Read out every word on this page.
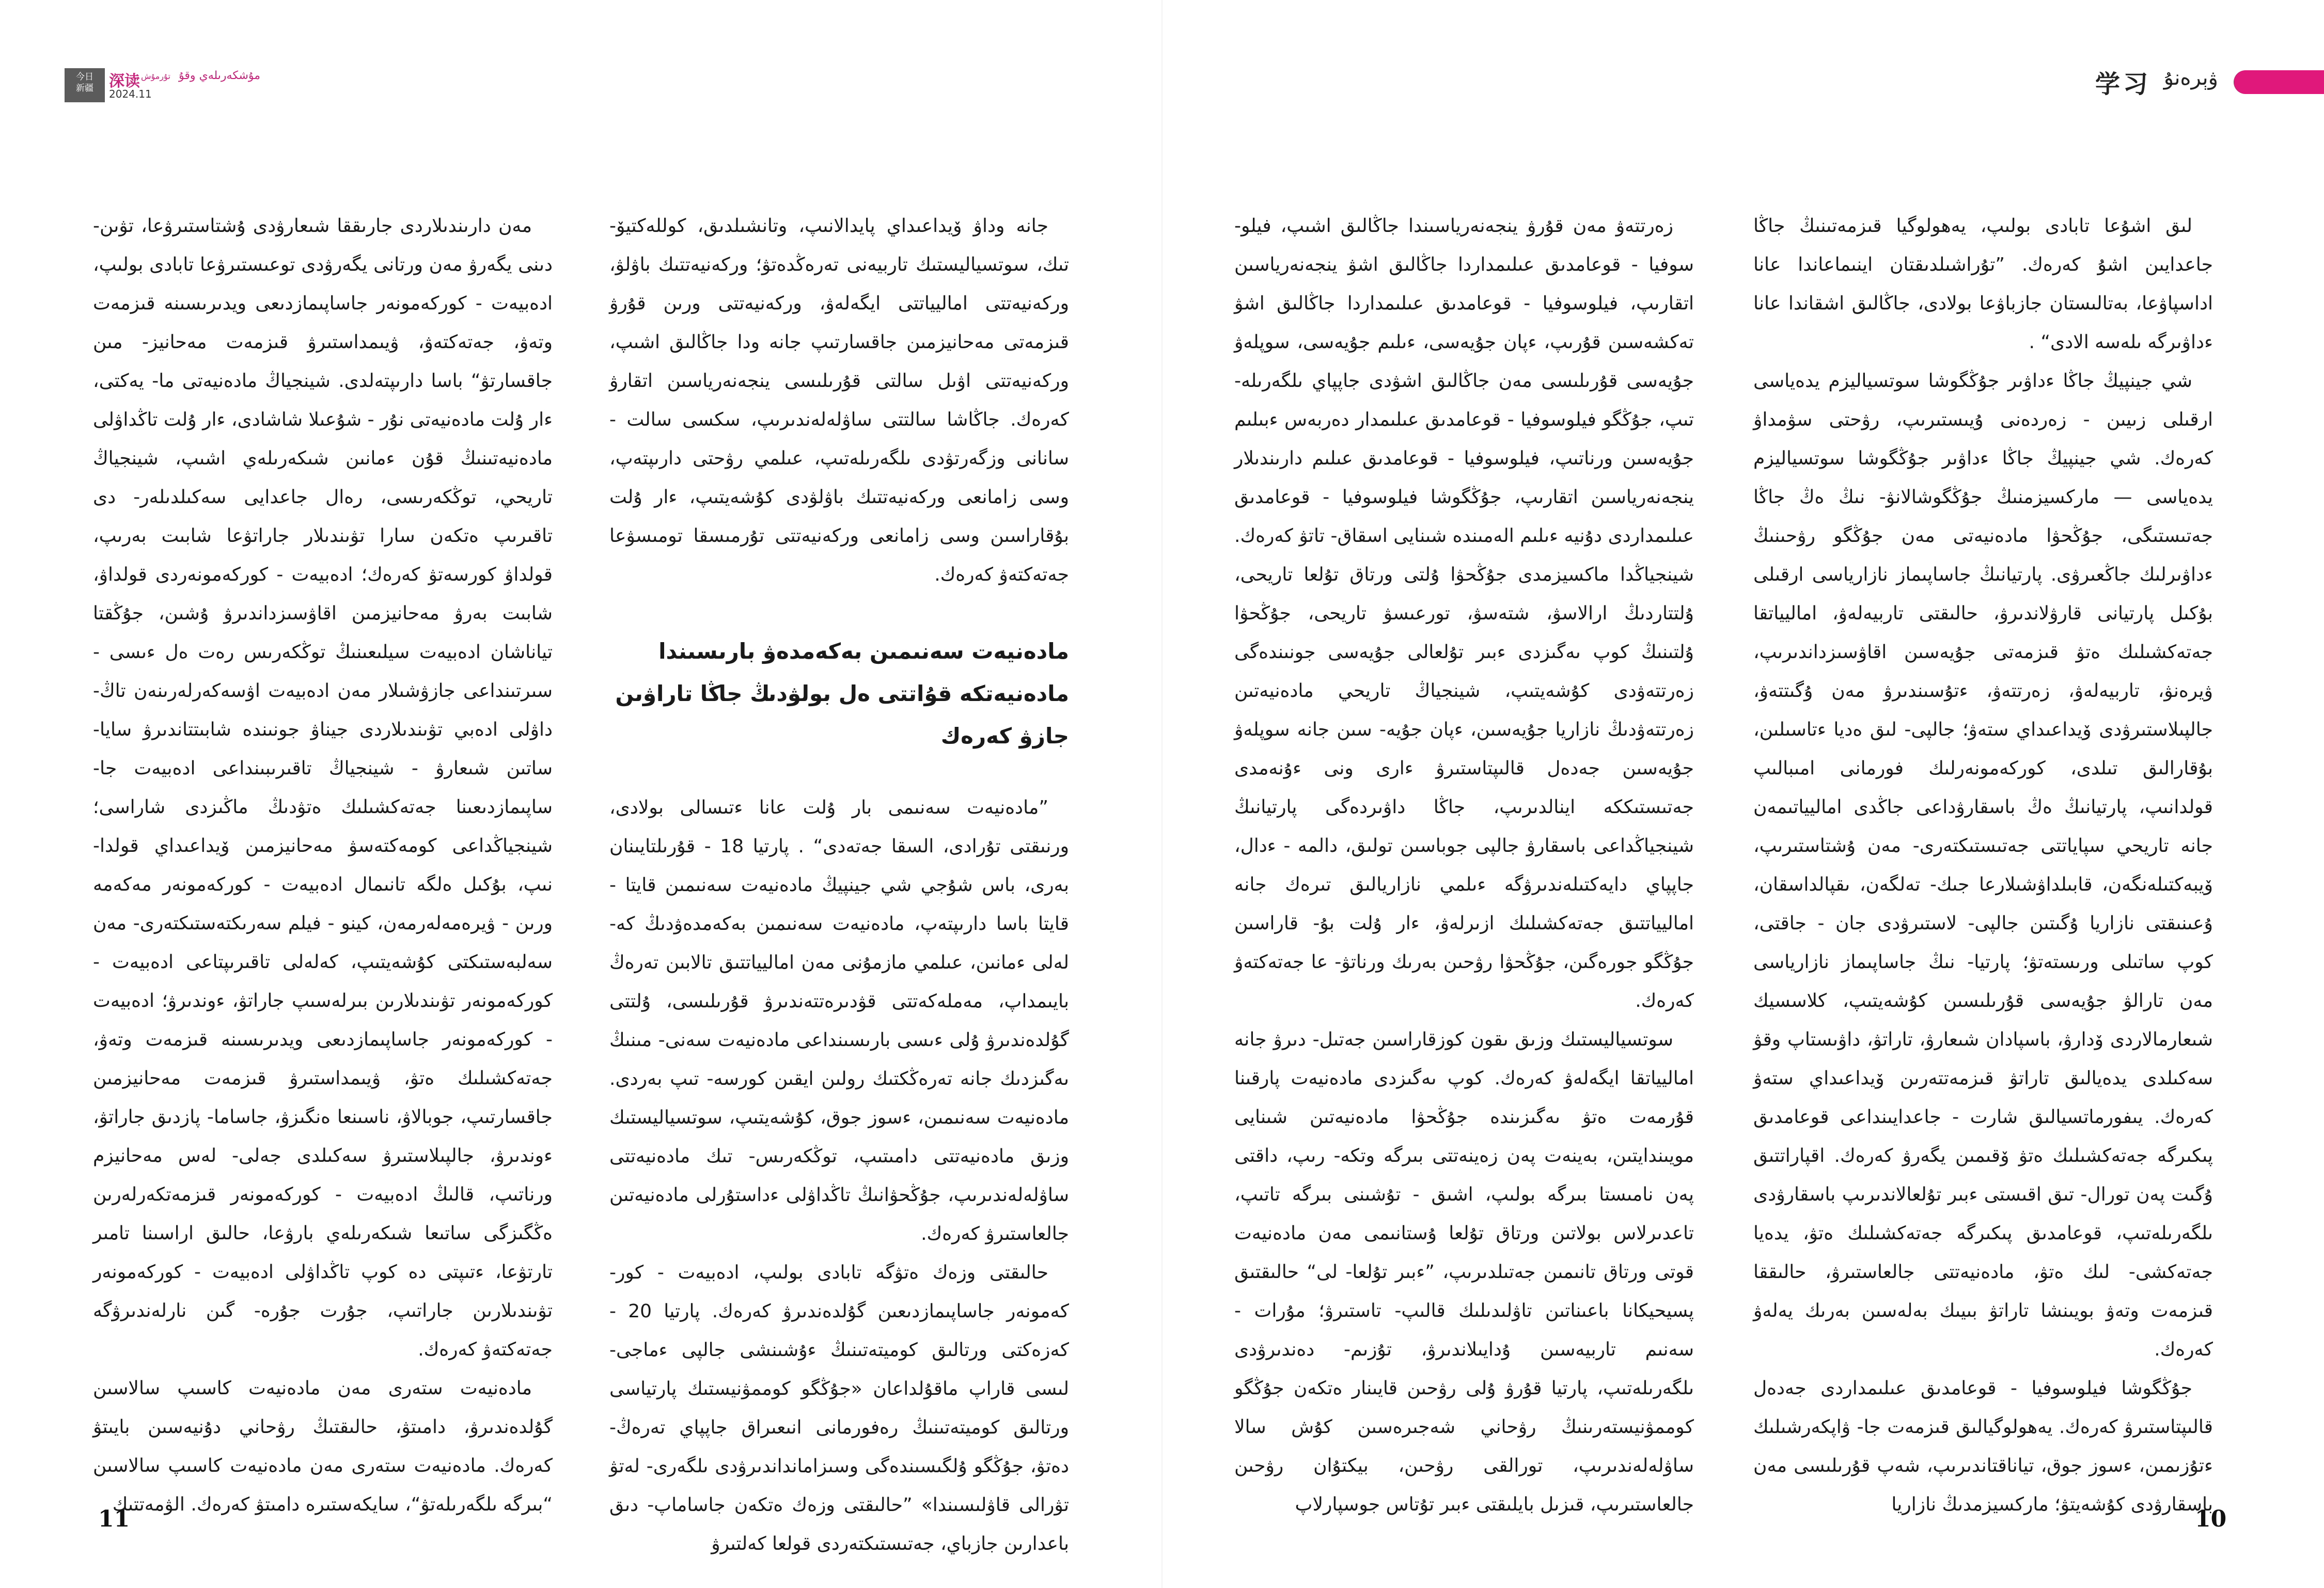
今日
新疆	深读 تۇرمۇش مۇشكەرىلەي وقۇ
2024.11	学习 ۋېرەنۇ

لىق اشۇعا تابادى بولىپ، يەھولوگيا قىزمەتىنىڭ جاڭا جاعدايىن اشۇ كەرەك. ”تۇراشىلدىقتان اينىماعاندا عانا اداسپاۋعا، بەتالىستان جازباۋعا بولادى، جاڭالىق اشقاندا عانا ءداۋىرگە ىلەسە الادى“ .

شي جينپيڭ جاڭا ءداۋىر جۇڭگوشا سوتسياليزم يدەياسى ارقىلى زىيىن - زەردەنى ۇيىستىرىپ، رۋحتى سۋمداۋ كەرەك. شي جينپيڭ جاڭا ءداۋىر جۇڭگوشا سوتسياليزم يدەياسى — ماركسيزمنىڭ جۇڭگوشالانۋ- نىڭ ەڭ جاڭا جەتىستىگى، جۇڭحۋا مادەنيەتى مەن جۇڭگو رۋحىنىڭ ءداۋىرلىك جاڭعىرۋى. پارتيانىڭ جاساپىماز نازارياسى ارقىلى بۇكىل پارتيانى قارۋلاندىرۋ، حالىقتى تاربيەلەۋ، اماليياتقا جەتەكشىلىك ەتۋ قىزمەتى جۇيەسىن اقاۋسىزداندىرىپ، ۋيرەنۋ، تاربيەلەۋ، زەرتتەۋ، ءتۇسىندىرۋ مەن ۇگىتتەۋ، جالپىلاستىرۋدى ۆيداعىداي ستەۋ؛ جالپى- لىق ەديا ءتاسىلىن، بۇقارالىق تىلدى، كوركەمونەرلىك فورمانى امىبالىپ قولدانىپ، پارتيانىڭ ەڭ باسقارۋداعى جاڭدى اماليياتىمەن جانە تاريحي سپاياتتى جەتىستىكتەرى- مەن ۇشتاستىرىپ، ۆيبەكتىلەنگەن، قابىلداۋشىلارعا جىك- تەلگەن، ىقپالداسقان، ۇعىنىقتى نازاريا ۇگىتىن جالپى- لاستىرۋدى جان - جاقتى، كوپ ساتىلى ورىستەتۋ؛ پارتيا- نىڭ جاساپىماز نازارياسى مەن تارالۋ جۇيەسى قۇرىلىسىن كۇشەيتىپ، كلاسسيك شىعارمالاردى ۆدارۋ، باسپادان شىعارۋ، تاراتۋ، داۋىستاپ وقۋ سەكىلدى يدەيالىق تاراتۋ قىزمەتتەرىن ۆيداعىداي ستەۋ كەرەك. يىفورماتسيالىق شارت - جاعدايىنداعى قوعامدىق پىكىرگە جەتەكشىلىك ەتۋ ۆقىمىن يگەرۋ كەرەك. اقپاراتتىق ۇگىت پەن تورال- تىق اقىستى ءبىر تۇلعالاندىرىپ باسقارۋدى ىلگەرىلەتىپ، قوعامدىق پىكىرگە جەتەكشىلىك ەتۋ، يدەيا جەتەكشى- لىك ەتۋ، مادەنيەتتى جالعاستىرۋ، حالىققا قىزمەت وتەۋ بويىنشا تاراتۋ بىيىك بەلەسىن بەرىك يەلەۋ كەرەك.

جۇڭگوشا فيلوسوفيا - قوعامدىق عىلىمداردى جەدەل قالىپتاستىرۋ كەرەك. يەھولوگيالىق قىزمەت جا- ۋاپكەرشىلىك ءتۇزىمىن، ءسوز جوق، تياناقتاندىرىپ، شەپ قۇرىلىسى مەن باسقارۋدى كۇشەيتۋ؛ ماركسيزمدىڭ نازاريا

زەرتتەۋ مەن قۇرۋ ينجەنەرياسىندا جاڭالىق اشىپ، فيلو- سوفيا - قوعامدىق عىلىمداردا جاڭالىق اشۋ ينجەنەرياسىن اتقارىپ، فيلوسوفيا - قوعامدىق عىلىمداردا جاڭالىق اشۋ تەكشەسىن قۇرىپ، ءپان جۇيەسى، ءىلىم جۇيەسى، سوپلەۋ جۇيەسى قۇرىلىسى مەن جاڭالىق اشۋدى جاپپاي ىلگەرىلە- تىپ، جۇڭگو فيلوسوفيا - قوعامدىق عىلىمدار دەربەس ءبىلىم جۇيەسىن ورناتىپ، فيلوسوفيا - قوعامدىق عىلىم دارىندىلار ينجەنەرياسىن اتقارىپ، جۇڭگوشا فيلوسوفيا - قوعامدىق عىلىمداردى دۇنيە ءىلىم الەمىندە شىنايى اسقاق- تاتۋ كەرەك. شينجياڭدا ماكسيزمدى جۇڭحۋا ۇلتى ورتاق تۇلعا تاريحى، ۇلتتاردىڭ ارالاسۋ، شتەسۋ، تورعىسۋ تاريحى، جۇڭحۋا ۇلتىنىڭ كوپ ىەگىزدى ءبىر تۇلعالى جۇيەسى جونىندەگى زەرتتەۋدى كۇشەيتىپ، شينجياڭ تاريحي مادەنيەتىن زەرتتەۋدىڭ نازاريا جۇيەسىن، ءپان جۇيە- سىن جانە سوپلەۋ جۇيەسىن جەدەل قالىپتاستىرۋ ءارى ونى ءۇنەمدى جەتىستىككە اينالدىرىپ، جاڭا داۋىردەگى پارتيانىڭ شينجياڭداعى باسقارۋ جالپى جوباسىن تولىق، دالمە - ءدال، جاپپاي دايەكتىلەندىرۋگە ءىلمي نازاريالىق تىرەك جانە اماليياتتىق جەتەكشىلىك ازىرلەۋ، ءار ۇلت بۇ- قاراسىن جۇڭگو جورەگىن، جۇڭحۋا رۋحىن بەرىك ورناتۋ- عا جەتەكتەۋ كەرەك.

سوتسياليستىك وزىق ىقون كوزقاراسىن جەتىل- دىرۋ جانە اماليياتقا ايگەلەۋ كەرەك. كوپ ىەگىزدى مادەنيەت پارقىنا قۇرمەت ەتۋ ىەگىزىندە جۇڭحۋا مادەنيەتىن شىنايى مويىندايتىن، بەينەت پەن زەينەتتى بىرگە وتكە- رىپ، داقتى پەن نامىستا بىرگە بولىپ، اشىق - تۇشىنى بىرگە تاتىپ، تاعدىرلاس بولاتىن ورتاق تۇلعا ۇستانىمى مەن مادەنيەت قوتى ورتاق تانىمىن جەتىلدىرىپ، ”ءبىر تۇلعا- لى“ حالىقتىق پسيحيكانا باعىناتىن تاۋلىدىلىك قالىپ- تاستىرۋ؛ مۇرات - سەنىم تاربيەسىن ۇدايىلاندىرۋ، تۇزىم- دەندىرۋدى ىلگەرىلەتىپ، پارتيا قۇرۋ ۇلى رۋحىن قايىنار ەتكەن جۇڭگو كوممۋنيستەرىنىڭ رۋحاني شەجىرەسىن كۇش سالا ساۋلەلەندىرىپ، تورالقى رۋحىن، بيكتۇان رۋحىن جالعاستىرىپ، قىزىل بايلىقتى ءبىر تۇتاس جوسپارلاپ

جانە وداۋ ۆيداعىداي پايدالانىپ، وتانشىلدىق، كوللەكتيۆ- تىك، سوتسياليستىك تاربيەنى تەرەڭدەتۋ؛ وركەنيەتتىك باۋلۋ، وركەنيەتتى اماليياتتى ايگەلەۋ، وركەنيەتتى ورىن قۇرۋ قىزمەتى مەحانيزمىن جاقسارتىپ جانە ودا جاڭالىق اشىپ، وركەنيەتتى اۋىل سالتى قۇرىلىسى ينجەنەرياسىن اتقارۋ كەرەك. جاڭاشا سالتتى ساۋلەلەندىرىپ، سكسى سالت - سانانى وزگەرتۋدى ىلگەرىلەتىپ، عىلمي رۋحتى دارىپتەپ، وسى زامانعى وركەنيەتتىك باۋلۋدى كۇشەيتىپ، ءار ۇلت بۇقاراسىن وسى زامانعى وركەنيەتتى تۇرمىسقا تومىسۋعا جەتەكتەۋ كەرەك.

مادەنيەت سەنىمىن بەكەمدەۋ بارىسىندا مادەنيەتكە قۇاتتى ەل بولۋدىڭ جاڭا تاراۋىن جازۋ كەرەك

”مادەنيەت سەنىمى بار ۇلت عانا ءتىسالى بولادى، ورنىقتى تۇرادى، السقا جەتەدى“ . پارتيا 18 - قۇرىلتايىنان بەرى، باس شۇجي شي جينپيڭ مادەنيەت سەنىمىن قايتا - قايتا باسا دارىپتەپ، مادەنيەت سەنىمىن بەكەمدەۋدىڭ كە- لەلى ءمانىن، عىلمي مازمۇنى مەن اماليياتتىق تالابىن تەرەڭ بايىمداپ، مەملەكەتتى قۋدىرەتتەندىرۋ قۇرىلىسى، ۇلتتى گۇلدەندىرۋ ۇلى ءىسى بارىسىنداعى مادەنيەت سەنى- مىنىڭ ىەگىزدىك جانە تەرەڭكتىك رولىن ايقىن كورسە- تىپ بەردى. مادەنيەت سەنىمىن، ءسوز جوق، كۇشەيتىپ، سوتسياليستىك وزىق مادەنيەتتى دامىتىپ، توڭكەرىس- تىك مادەنيەتتى ساۋلەلەندىرىپ، جۇڭحۋانىڭ تاڭداۋلى ءداستۇرلى مادەنيەتىن جالعاستىرۋ كەرەك.

حالىقتى وزەك ەتۋگە تابادى بولىپ، ادەبيەت - كور- كەمونەر جاساپىمازدىعىن گۇلدەندىرۋ كەرەك. پارتيا 20 - كەزەكتى ورتالىق كوميتەتىنىڭ ءۇشىنشى جالپى ءماجى- لىسى قاراپ ماقۇلداعان «جۇڭگو كوممۋنيستىك پارتياسى ورتالىق كوميتەتىنىڭ رەفورمانى انىعىراق جاپپاي تەرەڭ- دەتۋ، جۇڭگو ۇلگىسىندەگى وسىزامانداندىرۋدى ىلگەرى- لەتۋ تۋرالى قاۋلىسىندا» ”حالىقتى وزەك ەتكەن جاساماپ- دىق باعدارىن جازباي، جەتىستىكتەردى قولعا كەلتىرۋ

مەن دارىندىلاردى جارىققا شىعارۋدى ۇشتاستىرۋعا، تۋىن- دىنى يگەرۋ مەن ورتانى يگەرۋدى توعىستىرۋعا تابادى بولىپ، ادەبيەت - كوركەمونەر جاساپىمازدىعى ويدىرىسىنە قىزمەت وتەۋ، جەتەكتەۋ، ۋيىمداستىرۋ قىزمەت مەحانيز- مىن جاقسارتۋ“ باسا دارىپتەلدى. شينجياڭ مادەنيەتى ما- يەكتى، ءار ۇلت مادەنيەتى نۇر - شۇعىلا شاشادى، ءار ۇلت تاڭداۋلى مادەنيەتىنىڭ قۇن ءمانىن شىكەرىلەي اشىپ، شينجياڭ تاريحي، توڭكەرىسى، رەال جاعدايى سەكىلدىلەر- دى تاقىرىپ ەتكەن سارا تۋىندىلار جاراتۋعا شابىت بەرىپ، قولداۋ كورسەتۋ كەرەك؛ ادەبيەت - كوركەمونەردى قولداۋ، شابىت بەرۋ مەحانيزمىن اقاۋسىزداندىرۋ ۇشىن، جۇڭقتا تياناشان ادەبيەت سيلىعىنىڭ توڭكەرىس رەت ەل ءىسى - سىرتىنداعى جازۋشىلار مەن ادەبيەت اۋسەكەرلەرىنەن تاڭ- داۋلى ادەبي تۋىندىلاردى جيناۋ جونىندە شابىتتاندىرۋ سايا- ساتىن شىعارۋ - شينجياڭ تاقىرىبىنداعى ادەبيەت جا- ساپىمازدىعىنا جەتەكشىلىك ەتۋدىڭ ماڭىزدى شاراسى؛ شينجياڭداعى كومەكتەسۋ مەحانيزمىن ۆيداعىداي قولدا- نىپ، بۇكىل ەلگە تانىمال ادەبيەت - كوركەمونەر مەكەمە ورىن - ۋيرەمەلەرمەن، كينو - فيلم سەرىكتەستىكتەرى- مەن سەلبەستىكتى كۇشەيتىپ، كەلەلى تاقىرىپتاعى ادەبيەت - كوركەمونەر تۋىندىلارىن بىرلەسىپ جاراتۋ، ءوندىرۋ؛ ادەبيەت - كوركەمونەر جاساپىمازدىعى ويدىرىسىنە قىزمەت وتەۋ، جەتەكشىلىك ەتۋ، ۋيىمداستىرۋ قىزمەت مەحانيزمىن جاقسارتىپ، جوبالاۋ، ناسىنعا ەنگىزۋ، جاساما- پازدىق جاراتۋ، ءوندىرۋ، جالپىلاستىرۋ سەكىلدى جەلى- لەس مەحانيزم ورناتىپ، قالىڭ ادەبيەت - كوركەمونەر قىزمەتكەرلەرىن ەڭگىزگى ساتىعا شىكەرىلەي بارۋعا، حالىق اراسىنا تامىر تارتۋعا، ءتىپتى دە كوپ تاڭداۋلى ادەبيەت - كوركەمونەر تۋىندىلارىن جاراتىپ، جۇرت جۇرە- گىن نارلەندىرۋگە جەتەكتەۋ كەرەك.

مادەنيەت ستەرى مەن مادەنيەت كاسىپ سالاسىن گۇلدەندىرۋ، دامىتۋ، حالىقتىڭ رۋحاني دۇنيەسىن بايىتۋ كەرەك. مادەنيەت ستەرى مەن مادەنيەت كاسىپ سالاسىن “بىرگە ىلگەرىلەتۋ“، سايكەستىرە دامىتۋ كەرەك. الۋمەتتىك

11	10
